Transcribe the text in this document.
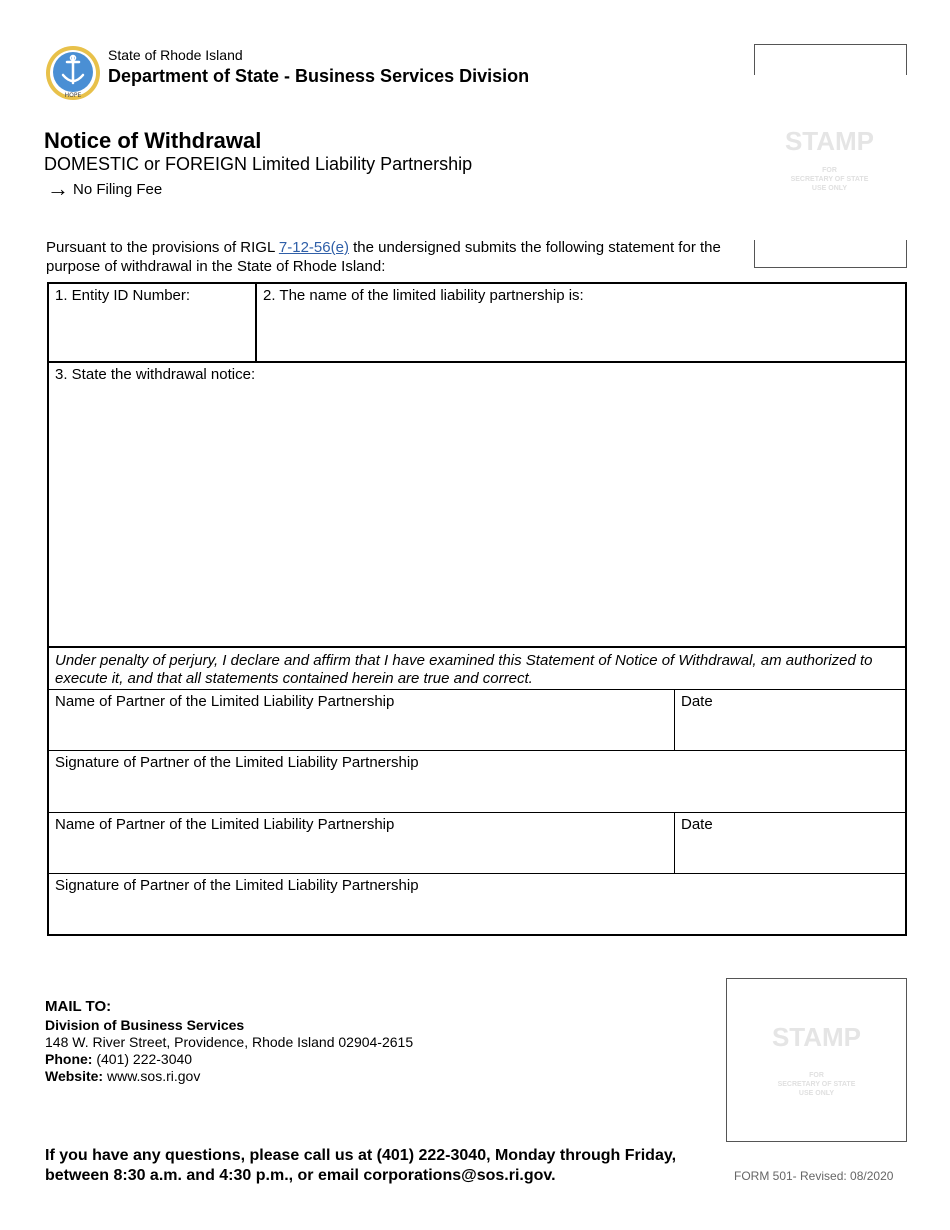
HOPE
State of Rhode Island
Department of State - Business Services Division
Notice of Withdrawal
DOMESTIC or FOREIGN Limited Liability Partnership
→ No Filing Fee
STAMP
FOR
SECRETARY OF STATE
USE ONLY
Pursuant to the provisions of RIGL 7-12-56(e) the undersigned submits the following statement for the purpose of withdrawal in the State of Rhode Island:
1. Entity ID Number:	2. The name of the limited liability partnership is:
3. State the withdrawal notice:
Under penalty of perjury, I declare and affirm that I have examined this Statement of Notice of Withdrawal, am authorized to execute it, and that all statements contained herein are true and correct.
Name of Partner of the Limited Liability Partnership	Date
Signature of Partner of the Limited Liability Partnership
Name of Partner of the Limited Liability Partnership	Date
Signature of Partner of the Limited Liability Partnership
MAIL TO:
Division of Business Services
148 W. River Street, Providence, Rhode Island 02904-2615
Phone: (401) 222-3040
Website: www.sos.ri.gov
STAMP
FOR
SECRETARY OF STATE
USE ONLY
If you have any questions, please call us at (401) 222-3040, Monday through Friday, between 8:30 a.m. and 4:30 p.m., or email corporations@sos.ri.gov.	FORM 501- Revised: 08/2020
